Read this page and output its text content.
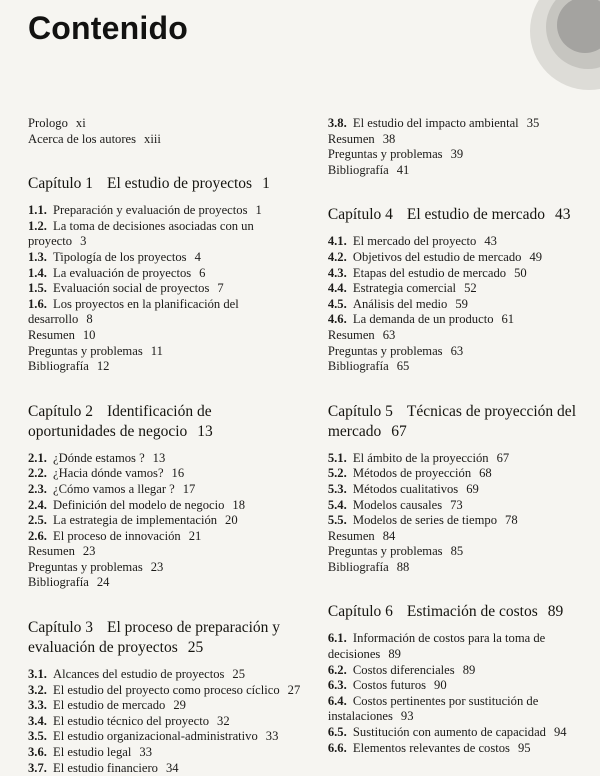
Contenido
Prologo xi
Acerca de los autores xiii
Capítulo 1 El estudio de proyectos 1
1.1. Preparación y evaluación de proyectos 1
1.2. La toma de decisiones asociadas con un proyecto 3
1.3. Tipología de los proyectos 4
1.4. La evaluación de proyectos 6
1.5. Evaluación social de proyectos 7
1.6. Los proyectos en la planificación del desarrollo 8
Resumen 10
Preguntas y problemas 11
Bibliografía 12
Capítulo 2 Identificación de oportunidades de negocio 13
2.1. ¿Dónde estamos ? 13
2.2. ¿Hacia dónde vamos? 16
2.3. ¿Cómo vamos a llegar ? 17
2.4. Definición del modelo de negocio 18
2.5. La estrategia de implementación 20
2.6. El proceso de innovación 21
Resumen 23
Preguntas y problemas 23
Bibliografía 24
Capítulo 3 El proceso de preparación y evaluación de proyectos 25
3.1. Alcances del estudio de proyectos 25
3.2. El estudio del proyecto como proceso cíclico 27
3.3. El estudio de mercado 29
3.4. El estudio técnico del proyecto 32
3.5. El estudio organizacional-administrativo 33
3.6. El estudio legal 33
3.7. El estudio financiero 34
3.8. El estudio del impacto ambiental 35
Resumen 38
Preguntas y problemas 39
Bibliografía 41
Capítulo 4 El estudio de mercado 43
4.1. El mercado del proyecto 43
4.2. Objetivos del estudio de mercado 49
4.3. Etapas del estudio de mercado 50
4.4. Estrategia comercial 52
4.5. Análisis del medio 59
4.6. La demanda de un producto 61
Resumen 63
Preguntas y problemas 63
Bibliografía 65
Capítulo 5 Técnicas de proyección del mercado 67
5.1. El ámbito de la proyección 67
5.2. Métodos de proyección 68
5.3. Métodos cualitativos 69
5.4. Modelos causales 73
5.5. Modelos de series de tiempo 78
Resumen 84
Preguntas y problemas 85
Bibliografía 88
Capítulo 6 Estimación de costos 89
6.1. Información de costos para la toma de decisiones 89
6.2. Costos diferenciales 89
6.3. Costos futuros 90
6.4. Costos pertinentes por sustitución de instalaciones 93
6.5. Sustitución con aumento de capacidad 94
6.6. Elementos relevantes de costos 95
